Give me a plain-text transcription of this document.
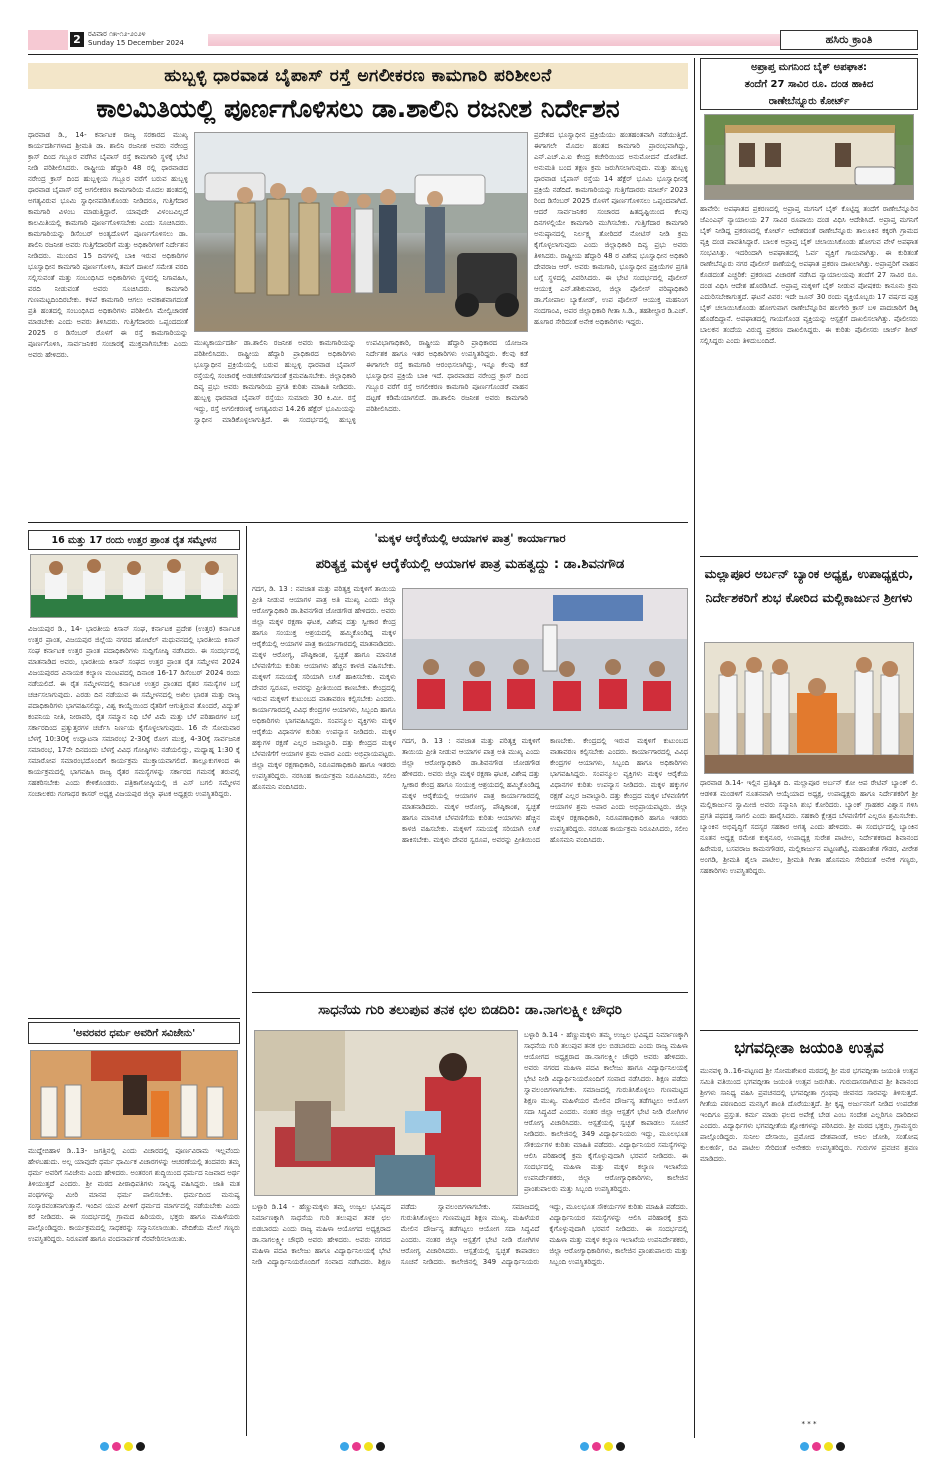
2	ರವಿವಾರ ೧೫-೧೨-೨೦೨೪
Sunday 15 December 2024	ಹಸಿರು ಕ್ರಾಂತಿ
ಹುಬ್ಬಳ್ಳಿ ಧಾರವಾಡ ಬೈಪಾಸ್ ರಸ್ತೆ ಅಗಲೀಕರಣ ಕಾಮಗಾರಿ ಪರಿಶೀಲನೆ
ಕಾಲಮಿತಿಯಲ್ಲಿ ಪೂರ್ಣಗೊಳಿಸಲು ಡಾ.ಶಾಲಿನಿ ರಜನೀಶ ನಿರ್ದೇಶನ
ಧಾರವಾಡ ಡಿ., 14- ಕರ್ನಾಟಕ ರಾಜ್ಯ ಸರಕಾರದ ಮುಖ್ಯ ಕಾರ್ಯದರ್ಶಿಗಳಾದ ಶ್ರೀಮತಿ ಡಾ. ಶಾಲಿನಿ ರಜನೀಶ ಅವರು ನರೇಂದ್ರ ಕ್ರಾಸ್ ದಿಂದ ಗಬ್ಬೂರ ವರೆಗಿನ ಬೈಪಾಸ್ ರಸ್ತೆ ಕಾಮಗಾರಿ ಸ್ಥಳಕ್ಕೆ ಭೇಟಿ ನೀಡಿ ಪರಿಶೀಲಿಸಿದರು. ರಾಷ್ಟ್ರೀಯ ಹೆದ್ದಾರಿ 48 ರಲ್ಲಿ ಧಾರವಾಡದ ನರೇಂದ್ರ ಕ್ರಾಸ್ ದಿಂದ ಹುಬ್ಬಳ್ಳಿಯ ಗಬ್ಬೂರ ವರೆಗೆ ಬರುವ ಹುಬ್ಬಳ್ಳಿ ಧಾರವಾಡ ಬೈಪಾಸ್ ರಸ್ತೆ ಅಗಲೀಕರಣ ಕಾಮಗಾರಿಯ ಮೊದಲ ಹಂತದಲ್ಲಿ ಅಗತ್ಯವಿರುವ ಭೂಮಿ ಸ್ವಾಧೀನಪಡಿಸಿಕೊಂಡು ನೀಡಿದರೂ, ಗುತ್ತಿಗೆದಾರ ಕಾಮಗಾರಿ ವಿಳಂಬ ಮಾಡುತ್ತಿದ್ದಾರೆ. ಯಾವುದೇ ವಿಳಂಬವಿಲ್ಲದೆ ಕಾಲಮಿತಿಯಲ್ಲಿ ಕಾಮಗಾರಿ ಪೂರ್ಣಗೊಳಿಸಬೇಕು ಎಂದು ಸೂಚಿಸಿದರು. ಕಾಮಗಾರಿಯನ್ನು ಡಿಸೆಂಬರ್ ಅಂತ್ಯದೊಳಗೆ ಪೂರ್ಣಗೊಳಿಸಲು ಡಾ. ಶಾಲಿನಿ ರಜನೀಶ ಅವರು ಗುತ್ತಿಗೆದಾರರಿಗೆ ಮತ್ತು ಅಧಿಕಾರಿಗಳಿಗೆ ನಿರ್ದೇಶನ ನೀಡಿದರು. ಮುಂದಿನ 15 ದಿನಗಳಲ್ಲಿ ಬಾಕಿ ಇರುವ ಅಧಿಕಾರಿಗಳ ಭೂಸ್ವಾಧೀನ ಕಾಮಗಾರಿ ಪೂರ್ಣಗೊಳಿಸಿ, ತಮಗೆ ದಾಖಲೆ ಸಮೇತ ವರದಿ ಸಲ್ಲಿಸುವಂತೆ ಮತ್ತು ಸಂಬಂಧಿಸಿದ ಅಧಿಕಾರಿಗಳು ಸ್ಥಳದಲ್ಲಿ ನಿಗಾವಹಿಸಿ, ವರದಿ ನೀಡುವಂತೆ ಅವರು ಸೂಚಿಸಿದರು. ಕಾಮಗಾರಿ ಗುಣಮಟ್ಟದಿಂದಿರಬೇಕು. ಕಳಪೆ ಕಾಮಗಾರಿ ಆಗಲು ಅವಕಾಶವಾಗದಂತೆ ಪ್ರತಿ ಹಂತದಲ್ಲಿ ಸಂಬಂಧಿಸಿದ ಅಧಿಕಾರಿಗಳು ಪರಿಶೀಲಿಸಿ ಮೇಲ್ವಿಚಾರಣೆ ಮಾಡಬೇಕು ಎಂದು ಅವರು ತಿಳಿಸಿದರು. ಗುತ್ತಿಗೆದಾರರು ಒಪ್ಪಂದದಂತೆ 2025 ರ ಡಿಸೆಂಬರ್ ರೊಳಗೆ ಈ ರಸ್ತೆ ಕಾಮಗಾರಿಯನ್ನು ಪೂರ್ಣಗೊಳಿಸಿ, ಸಾರ್ವಜನಿಕರ ಸಂಚಾರಕ್ಕೆ ಮುಕ್ತವಾಗಿಸಬೇಕು ಎಂದು ಅವರು ಹೇಳಿದರು.
ಮುಖ್ಯಕಾರ್ಯದರ್ಶಿ ಡಾ.ಶಾಲಿನಿ ರಜನೀಶ ಅವರು ಕಾಮಗಾರಿಯನ್ನು ಪರಿಶೀಲಿಸಿದರು. ರಾಷ್ಟ್ರೀಯ ಹೆದ್ದಾರಿ ಪ್ರಾಧಿಕಾರದ ಅಧಿಕಾರಿಗಳು ಭೂಸ್ವಾಧೀನ ಪ್ರಕ್ರಿಯೆಯಲ್ಲಿ ಬರುವ ಹುಬ್ಬಳ್ಳಿ ಧಾರವಾಡ ಬೈಪಾಸ್ ರಸ್ತೆಯಲ್ಲಿ ಸಂಚಾರಕ್ಕೆ ಅಡಚಣೆಯಾಗದಂತೆ ಕ್ರಮವಹಿಸಬೇಕು. ಜಿಲ್ಲಾಧಿಕಾರಿ ದಿವ್ಯ ಪ್ರಭು ಅವರು ಕಾಮಗಾರಿಯ ಪ್ರಗತಿ ಕುರಿತು ಮಾಹಿತಿ ನೀಡಿದರು. ಹುಬ್ಬಳ್ಳಿ ಧಾರವಾಡ ಬೈಪಾಸ್ ರಸ್ತೆಯು ಸುಮಾರು 30 ಕಿ.ಮೀ. ರಸ್ತೆ ಇದ್ದು, ರಸ್ತೆ ಅಗಲೀಕರಣಕ್ಕೆ ಅಗತ್ಯವಿರುವ 14.26 ಹೆಕ್ಟೆರ್ ಭೂಮಿಯನ್ನು ಸ್ವಾಧೀನ ಮಾಡಿಕೊಳ್ಳಲಾಗುತ್ತಿದೆ. ಈ ಸಂದರ್ಭದಲ್ಲಿ ಹುಬ್ಬಳ್ಳಿ ಉಪವಿಭಾಗಾಧಿಕಾರಿ, ರಾಷ್ಟ್ರೀಯ ಹೆದ್ದಾರಿ ಪ್ರಾಧಿಕಾರದ ಯೋಜನಾ ನಿರ್ದೇಶಕ ಹಾಗೂ ಇತರ ಅಧಿಕಾರಿಗಳು ಉಪಸ್ಥಿತರಿದ್ದರು. ಕೆಲವು ಕಡೆ ಈಗಾಗಲೇ ರಸ್ತೆ ಕಾಮಗಾರಿ ಆರಂಭಿಸಲಾಗಿದ್ದು, ಇನ್ನೂ ಕೆಲವು ಕಡೆ ಭೂಸ್ವಾಧೀನ ಪ್ರಕ್ರಿಯೆ ಬಾಕಿ ಇದೆ. ಧಾರವಾಡದ ನರೇಂದ್ರ ಕ್ರಾಸ್ ದಿಂದ ಗಬ್ಬೂರ ವರೆಗೆ ರಸ್ತೆ ಅಗಲೀಕರಣ ಕಾಮಗಾರಿ ಪೂರ್ಣಗೊಂಡರೆ ವಾಹನ ದಟ್ಟಣೆ ಕಡಿಮೆಯಾಗಲಿದೆ. ಡಾ.ಶಾಲಿನಿ ರಜನೀಶ ಅವರು ಕಾಮಗಾರಿ ಪರಿಶೀಲಿಸಿದರು.
ಪ್ರದೇಶದ ಭೂಸ್ವಾಧೀನ ಪ್ರಕ್ರಿಯೆಯು ಹಂತಹಂತವಾಗಿ ನಡೆಯುತ್ತಿದೆ. ಈಗಾಗಲೇ ಮೊದಲ ಹಂತದ ಕಾಮಗಾರಿ ಪ್ರಾರಂಭವಾಗಿದ್ದು, ಎನ್.ಎಚ್.ಎ.ಐ ಕೇಂದ್ರ ಕಚೇರಿಯಿಂದ ಅನುಮೋದನೆ ದೊರೆತಿದೆ. ಅನುಮತಿ ಬಂದ ತಕ್ಷಣ ಕ್ರಮ ಜರುಗಿಸಲಾಗುವುದು. ಮತ್ತು ಹುಬ್ಬಳ್ಳಿ ಧಾರವಾಡ ಬೈಪಾಸ್ ರಸ್ತೆಯ 14 ಹೆಕ್ಟೆರ್ ಭೂಮಿ ಭೂಸ್ವಾಧೀನಕ್ಕೆ ಪ್ರಕ್ರಿಯೆ ನಡೆದಿದೆ. ಕಾಮಗಾರಿಯನ್ನು ಗುತ್ತಿಗೆದಾರರು ಮಾರ್ಚ್ 2023 ರಿಂದ ಡಿಸೆಂಬರ್ 2025 ರೊಳಗೆ ಪೂರ್ಣಗೊಳಿಸಲು ಒಪ್ಪಂದವಾಗಿದೆ. ಆದರೆ ಸಾರ್ವಜನಿಕರ ಸಂಚಾರದ ಹಿತದೃಷ್ಟಿಯಿಂದ ಕೆಲವು ದಿನಗಳಲ್ಲಿಯೇ ಕಾಮಗಾರಿ ಮುಗಿಸಬೇಕು. ಗುತ್ತಿಗೆದಾರ ಕಾಮಗಾರಿ ಅನುಷ್ಠಾನದಲ್ಲಿ ನಿರ್ಲಕ್ಷ್ಯ ತೋರಿದರೆ ನೋಟಿಸ್ ನೀಡಿ ಕ್ರಮ ಕೈಗೊಳ್ಳಲಾಗುವುದು ಎಂದು ಜಿಲ್ಲಾಧಿಕಾರಿ ದಿವ್ಯ ಪ್ರಭು ಅವರು ತಿಳಿಸಿದರು. ರಾಷ್ಟ್ರೀಯ ಹೆದ್ದಾರಿ 48 ರ ವಿಶೇಷ ಭೂಸ್ವಾಧೀನ ಅಧಿಕಾರಿ ದೇವರಾಜ ಆರ್. ಅವರು ಕಾಮಗಾರಿ, ಭೂಸ್ವಾಧೀನ ಪ್ರಕ್ರಿಯೆಗಳ ಪ್ರಗತಿ ಬಗ್ಗೆ ಸ್ಥಳದಲ್ಲಿ ವಿವರಿಸಿದರು. ಈ ಭೇಟಿ ಸಂದರ್ಭದಲ್ಲಿ ಪೊಲೀಸ್ ಆಯುಕ್ತ ಎನ್.ಶಶಿಕುಮಾರ, ಜಿಲ್ಲಾ ಪೊಲೀಸ್ ವರಿಷ್ಠಾಧಿಕಾರಿ ಡಾ.ಗೋಪಾಲ ಬ್ಯಾಕೋಡ್, ಉಪ ಪೊಲೀಸ್ ಆಯುಕ್ತ ಮಹನಿಂಗ ನಂದಗಾಂವಿ, ಅಪರ ಜಿಲ್ಲಾಧಿಕಾರಿ ಗೀತಾ ಸಿ.ಡಿ., ತಹಶೀಲ್ದಾರ ಡಿ.ಎಚ್. ಹೂಗಾರ ಸೇರಿದಂತೆ ಅನೇಕ ಅಧಿಕಾರಿಗಳು ಇದ್ದರು.
ಅಪ್ರಾಪ್ತ ಮಗನಿಂದ ಬೈಕ್ ಅಪಘಾತ:
ತಂದೆಗೆ 27 ಸಾವಿರ ರೂ. ದಂಡ ಹಾಕಿದ
ರಾಣೇಬೆನ್ನೂರು ಕೋರ್ಟ್
ಹಾವೇರಿ: ಅಪಘಾತದ ಪ್ರಕರಣದಲ್ಲಿ ಅಪ್ರಾಪ್ತ ಮಗನಿಗೆ ಬೈಕ್ ಕೊಟ್ಟಿದ್ದ ತಂದೆಗೆ ರಾಣೇಬೆನ್ನೂರಿನ ಜೆಎಂಎಫ್ ನ್ಯಾಯಾಲಯ 27 ಸಾವಿರ ರೂಪಾಯಿ ದಂಡ ವಿಧಿಸಿ ಆದೇಶಿಸಿದೆ. ಅಪ್ರಾಪ್ತ ಮಗನಿಗೆ ಬೈಕ್ ನೀಡಿದ್ದ ಪ್ರಕರಣದಲ್ಲಿ ಕೋರ್ಟ್ ಆದೇಶದಂತೆ ರಾಣೇಬೆನ್ನೂರು ತಾಲೂಕಿನ ಕಕ್ಕರಗಿ ಗ್ರಾಮದ ವ್ಯಕ್ತಿ ದಂಡ ಪಾವತಿಸಿದ್ದಾರೆ. ಬಾಲಕ ಅಪ್ರಾಪ್ತ ಬೈಕ್ ಚಲಾಯಿಸಿಕೊಂಡು ಹೋಗುವ ವೇಳೆ ಅಪಘಾತ ಸಂಭವಿಸಿತ್ತು. ಇದರಿಂದಾಗಿ ಅಪಘಾತದಲ್ಲಿ ಓರ್ವ ವ್ಯಕ್ತಿಗೆ ಗಾಯವಾಗಿತ್ತು. ಈ ಕುರಿತಂತೆ ರಾಣೇಬೆನ್ನೂರು ನಗರ ಪೊಲೀಸ್ ಠಾಣೆಯಲ್ಲಿ ಅಪಘಾತ ಪ್ರಕರಣ ದಾಖಲಾಗಿತ್ತು. ಅಪ್ರಾಪ್ತರಿಗೆ ವಾಹನ ಕೊಡದಂತೆ ಎಚ್ಚರಿಕೆ: ಪ್ರಕರಣದ ವಿಚಾರಣೆ ನಡೆಸಿದ ನ್ಯಾಯಾಲಯವು ತಂದೆಗೆ 27 ಸಾವಿರ ರೂ. ದಂಡ ವಿಧಿಸಿ ಆದೇಶ ಹೊರಡಿಸಿದೆ. ಅಪ್ರಾಪ್ತ ಮಕ್ಕಳಿಗೆ ಬೈಕ್ ನೀಡುವ ಪೋಷಕರು ಕಾನೂನು ಕ್ರಮ ಎದುರಿಸಬೇಕಾಗುತ್ತದೆ. ಘಟನೆ ವಿವರ: ಇದೇ ಜೂನ್ 30 ರಂದು ವ್ಯಕ್ತಿಯೊಬ್ಬರು 17 ವರ್ಷದ ಪುತ್ರ ಬೈಕ್ ಚಲಾಯಿಸಿಕೊಂಡು ಹೋಗುವಾಗ ರಾಣೇಬೆನ್ನೂರಿನ ಹಲಗೇರಿ ಕ್ರಾಸ್ ಬಳಿ ಪಾದಚಾರಿಗೆ ಡಿಕ್ಕಿ ಹೊಡೆದಿದ್ದಾನೆ. ಅಪಘಾತದಲ್ಲಿ ಗಾಯಗೊಂಡ ವ್ಯಕ್ತಿಯನ್ನು ಆಸ್ಪತ್ರೆಗೆ ದಾಖಲಿಸಲಾಗಿತ್ತು. ಪೊಲೀಸರು ಬಾಲಕನ ತಂದೆಯ ವಿರುದ್ಧ ಪ್ರಕರಣ ದಾಖಲಿಸಿದ್ದರು. ಈ ಕುರಿತು ಪೊಲೀಸರು ಚಾರ್ಜ್ ಶೀಟ್ ಸಲ್ಲಿಸಿದ್ದರು ಎಂದು ತಿಳಿದುಬಂದಿದೆ.
ಮಲ್ಲಾಪೂರ ಅರ್ಬನ್ ಬ್ಯಾಂಕ ಅಧ್ಯಕ್ಷ, ಉಪಾಧ್ಯಕ್ಷರು, ನಿರ್ದೇಶಕರಿಗೆ ಶುಭ ಕೋರಿದ ಮಲ್ಲಿಕಾರ್ಜುನ ಶ್ರೀಗಳು
ಧಾರವಾಡ ಡಿ.14- ಇಲ್ಲಿನ ಪ್ರತಿಷ್ಠಿತ ದಿ. ಮಲ್ಲಾಪೂರ ಅರ್ಬನ್ ಕೋ ಆಪ ರೇಟಿವ್ ಬ್ಯಾಂಕ್ ಲಿ. ಆಡಳಿತ ಮಂಡಳಿಗೆ ನೂತನವಾಗಿ ಆಯ್ಕೆಯಾದ ಅಧ್ಯಕ್ಷ, ಉಪಾಧ್ಯಕ್ಷರು ಹಾಗೂ ನಿರ್ದೇಶಕರಿಗೆ ಶ್ರೀ ಮಲ್ಲಿಕಾರ್ಜುನ ಸ್ವಾಮೀಜಿ ಅವರು ಸನ್ಮಾನಿಸಿ ಶುಭ ಕೋರಿದರು. ಬ್ಯಾಂಕ್ ಗ್ರಾಹಕರ ವಿಶ್ವಾಸ ಗಳಿಸಿ ಪ್ರಗತಿ ಪಥದತ್ತ ಸಾಗಲಿ ಎಂದು ಹಾರೈಸಿದರು. ಸಹಕಾರಿ ಕ್ಷೇತ್ರದ ಬೆಳವಣಿಗೆಗೆ ಎಲ್ಲರೂ ಶ್ರಮಿಸಬೇಕು. ಬ್ಯಾಂಕಿನ ಅಭಿವೃದ್ಧಿಗೆ ಸದಸ್ಯರ ಸಹಕಾರ ಅಗತ್ಯ ಎಂದು ಹೇಳಿದರು. ಈ ಸಂದರ್ಭದಲ್ಲಿ ಬ್ಯಾಂಕಿನ ನೂತನ ಅಧ್ಯಕ್ಷ ರಮೇಶ ಕುಕ್ಕನೂರ, ಉಪಾಧ್ಯಕ್ಷ ಸುರೇಶ ಪಾಟೀಲ, ನಿರ್ದೇಶಕರಾದ ಶಿವಾನಂದ ಹಿರೇಮಠ, ಬಸವರಾಜ ಕಾಮನಗೌಡರ, ಮಲ್ಲಿಕಾರ್ಜುನ ಪಟ್ಟಣಶೆಟ್ಟಿ, ಮಹಾಂತೇಶ ಗೌಡರ, ವೀರೇಶ ಅಂಗಡಿ, ಶ್ರೀಮತಿ ಶೈಲಾ ಪಾಟೀಲ, ಶ್ರೀಮತಿ ಗೀತಾ ಹೊಸಮನಿ ಸೇರಿದಂತೆ ಅನೇಕ ಗಣ್ಯರು, ಸಹಕಾರಿಗಳು ಉಪಸ್ಥಿತರಿದ್ದರು.
ಭಗವದ್ಗೀತಾ ಜಯಂತಿ ಉತ್ಸವ
ಮುನವಳ್ಳಿ ಡಿ..16-ಪಟ್ಟಣದ ಶ್ರೀ ಸೋಮಶೇಖರ ಮಠದಲ್ಲಿ ಶ್ರೀ ಮಠ ಭಗವದ್ಗೀತಾ ಜಯಂತಿ ಉತ್ಸವ ಸಮಿತಿ ವತಿಯಿಂದ ಭಗವದ್ಗೀತಾ ಜಯಂತಿ ಉತ್ಸವ ಜರುಗಿತು. ಗುರುದಾಸರಾಗಿರುವ ಶ್ರೀ ಶಿವಾನಂದ ಶ್ರೀಗಳು ಸಾನಿಧ್ಯ ವಹಿಸಿ ಪ್ರವಚನದಲ್ಲಿ ಭಗವದ್ಗೀತಾ ಗ್ರಂಥವು ಜೀವನದ ಸಾರವನ್ನು ತಿಳಿಸುತ್ತದೆ. ಗೀತೆಯ ಪಠಣದಿಂದ ಮನಸ್ಸಿಗೆ ಶಾಂತಿ ದೊರೆಯುತ್ತದೆ. ಶ್ರೀ ಕೃಷ್ಣ ಅರ್ಜುನನಿಗೆ ನೀಡಿದ ಉಪದೇಶ ಇಂದಿಗೂ ಪ್ರಸ್ತುತ. ಕರ್ಮ ಮಾಡು ಫಲದ ಅಪೇಕ್ಷೆ ಬೇಡ ಎಂಬ ಸಂದೇಶ ಎಲ್ಲರಿಗೂ ದಾರಿದೀಪ ಎಂದರು. ವಿದ್ಯಾರ್ಥಿಗಳು ಭಗವದ್ಗೀತೆಯ ಶ್ಲೋಕಗಳನ್ನು ಪಠಿಸಿದರು. ಶ್ರೀ ಮಠದ ಭಕ್ತರು, ಗ್ರಾಮಸ್ಥರು ಪಾಲ್ಗೊಂಡಿದ್ದರು. ಸುನೀಲ ದೇಸಾಯಿ, ಪ್ರಮೋದ ದೇಶಪಾಂಡೆ, ಅನಿಲ ಜೋಶಿ, ಸಂತೋಷ ಕುಲಕರ್ಣಿ, ರವಿ ಪಾಟೀಲ ಸೇರಿದಂತೆ ಅನೇಕರು ಉಪಸ್ಥಿತರಿದ್ದರು. ಗುರುಗಳ ಪ್ರವಚನ ಶ್ರವಣ ಮಾಡಿದರು.
* * *
16 ಮತ್ತು 17 ರಂದು ಉತ್ತರ ಪ್ರಾಂತ ರೈತ ಸಮ್ಮೇಳನ
ವಿಜಯಪುರ ಡಿ., 14- ಭಾರತೀಯ ಕಿಸಾನ್ ಸಂಘ, ಕರ್ನಾಟಕ ಪ್ರದೇಶ (ಉತ್ತರ) ಕರ್ನಾಟಕ ಉತ್ತರ ಪ್ರಾಂತ, ವಿಜಯಪುರ ಜಿಲ್ಲೆಯ ನಗರದ ಹೋಟೆಲ್ ಮಧುವನದಲ್ಲಿ ಭಾರತೀಯ ಕಿಸಾನ್ ಸಂಘ ಕರ್ನಾಟಕ ಉತ್ತರ ಪ್ರಾಂತ ಪದಾಧಿಕಾರಿಗಳು ಸುದ್ದಿಗೋಷ್ಠಿ ನಡೆಸಿದರು. ಈ ಸಂದರ್ಭದಲ್ಲಿ ಮಾತನಾಡಿದ ಅವರು, ಭಾರತೀಯ ಕಿಸಾನ್ ಸಂಘದ ಉತ್ತರ ಪ್ರಾಂತ ರೈತ ಸಮ್ಮೇಳನ 2024 ವಿಜಯಪುರದ ವಿನಾಯಕ ಕಲ್ಯಾಣ ಮಂಟಪದಲ್ಲಿ ದಿನಾಂಕ 16-17 ಡಿಸೆಂಬರ್ 2024 ರಂದು ನಡೆಯಲಿದೆ. ಈ ರೈತ ಸಮ್ಮೇಳನದಲ್ಲಿ ಕರ್ನಾಟಕ ಉತ್ತರ ಪ್ರಾಂತದ ರೈತರ ಸಮಸ್ಯೆಗಳ ಬಗ್ಗೆ ಚರ್ಚಿಸಲಾಗುವುದು. ಎರಡು ದಿನ ನಡೆಯುವ ಈ ಸಮ್ಮೇಳನದಲ್ಲಿ ಅಖಿಲ ಭಾರತ ಮತ್ತು ರಾಜ್ಯ ಪದಾಧಿಕಾರಿಗಳು ಭಾಗವಹಿಸಲಿದ್ದು, ವಿಶ್ವ ಕಾಯ್ದೆಯಿಂದ ರೈತರಿಗೆ ಆಗುತ್ತಿರುವ ತೊಂದರೆ, ವಿದ್ಯುತ್ ಕಂಪನಿಯ ನೀತಿ, ನೀರಾವರಿ, ರೈತ ಸಮ್ಮಾನ ನಿಧಿ ಬೆಳೆ ವಿಮೆ ಮತ್ತು ಬೆಳೆ ಪರಿಹಾರಗಳ ಬಗ್ಗೆ ಸರ್ಕಾರದಿಂದ ಪ್ರತ್ಯುತ್ತರಗಳ ಚರ್ಚೆಸಿ ನಿರ್ಣಯ ಕೈಗೊಳ್ಳಲಾಗುವುದು. 16 ನೇ ಸೋಮವಾರ ಬೆಳಗ್ಗೆ 10:30ಕ್ಕೆ ಉದ್ಘಾಟನಾ ಸಮಾರಂಭ 2-30ಕ್ಕೆ ರೋಗ ಮುಕ್ತ, 4-30ಕ್ಕೆ ಸಾರ್ವಜನಿಕ ಸಮಾರಂಭ, 17ನೇ ದಿನದಂದು ಬೆಳಗ್ಗೆ ವಿವಿಧ ಗೋಷ್ಠಿಗಳು ನಡೆಯಲಿದ್ದು, ಮಧ್ಯಾಹ್ನ 1:30 ಕ್ಕೆ ಸಮಾರೋಪ ಸಮಾರಂಭದೊಂದಿಗೆ ಕಾರ್ಯಕ್ರಮ ಮುಕ್ತಾಯವಾಗಲಿದೆ. ತಾಲ್ಲೂಕುಗಳಿಂದ ಈ ಕಾರ್ಯಕ್ರಮದಲ್ಲಿ ಭಾಗವಹಿಸಿ ರಾಜ್ಯ ರೈತರ ಸಮಸ್ಯೆಗಳನ್ನು ಸರ್ಕಾರದ ಗಮನಕ್ಕೆ ತರುವಲ್ಲಿ ಸಹಕರಿಸಬೇಕು ಎಂದು ಕೇಳಿಕೊಂಡರು. ಪತ್ರಿಕಾಗೋಷ್ಠಿಯಲ್ಲಿ ಜಿ ಎಸ್ ಬಗಲಿ ಸಮ್ಮೇಳನ ಸಂಚಾಲಕರು ಗಂಗಾಧರ ಕಾಸರ್ ಅಧ್ಯಕ್ಷ ವಿಜಯಪುರ ಜಿಲ್ಲಾ ಘಟಕ ಅಧ್ಯಕ್ಷರು ಉಪಸ್ಥಿತರಿದ್ದರು.
'ಅವರವರ ಧರ್ಮ ಅವರಿಗೆ ಸವಿಜೇನು'
ಮುದ್ದೇಬಿಹಾಳ ಡಿ..13- ಜಗತ್ತಿನಲ್ಲಿ ಎಂದು ವಿಚಾರದಲ್ಲಿ ಪೂರ್ಣವಿರಾಮ ಇಲ್ಲವೆಂದು ಹೇಳಬಹುದು. ಅಲ್ಲ ಯಾವುದೇ ಧರ್ಮ ಧಾರ್ಮಿಕ ವಿಚಾರಗಳನ್ನು ಆಚರಣೆಯಲ್ಲಿ ತಂದವರು ತಮ್ಮ ಧರ್ಮ ಅವರಿಗೆ ಸವಿಜೇನು ಎಂದು ಹೇಳಿದರು. ಅಂತರಂಗ ಶುದ್ಧಿಯಿಂದ ಧರ್ಮದ ನಿಜವಾದ ಅರ್ಥ ತಿಳಿಯುತ್ತದೆ ಎಂದರು. ಶ್ರೀ ಮಠದ ಪೀಠಾಧಿಪತಿಗಳು ಸಾನ್ನಿಧ್ಯ ವಹಿಸಿದ್ದರು. ಜಾತಿ ಮತ ಪಂಥಗಳನ್ನು ಮೀರಿ ಮಾನವ ಧರ್ಮ ಪಾಲಿಸಬೇಕು. ಧರ್ಮದಿಂದ ಮನುಷ್ಯ ಸಂಸ್ಕಾರವಂತನಾಗುತ್ತಾನೆ. ಇಂದಿನ ಯುವ ಪೀಳಿಗೆ ಧರ್ಮದ ಮಾರ್ಗದಲ್ಲಿ ನಡೆಯಬೇಕು ಎಂದು ಕರೆ ನೀಡಿದರು. ಈ ಸಂದರ್ಭದಲ್ಲಿ ಗ್ರಾಮದ ಹಿರಿಯರು, ಭಕ್ತರು ಹಾಗೂ ಮಹಿಳೆಯರು ಪಾಲ್ಗೊಂಡಿದ್ದರು. ಕಾರ್ಯಕ್ರಮದಲ್ಲಿ ಸಾಧಕರನ್ನು ಸನ್ಮಾನಿಸಲಾಯಿತು. ವೇದಿಕೆಯ ಮೇಲೆ ಗಣ್ಯರು ಉಪಸ್ಥಿತರಿದ್ದರು. ನಿರೂಪಣೆ ಹಾಗೂ ವಂದನಾರ್ಪಣೆ ನೆರವೇರಿಸಲಾಯಿತು.
'ಮಕ್ಕಳ ಆರೈಕೆಯಲ್ಲಿ ಆಯಾಗಳ ಪಾತ್ರ' ಕಾರ್ಯಾಗಾರ
ಪರಿತ್ಯಕ್ತ ಮಕ್ಕಳ ಆರೈಕೆಯಲ್ಲಿ ಆಯಾಗಳ ಪಾತ್ರ ಮಹತ್ವದ್ದು : ಡಾ.ಶಿವನಗೌಡ
ಗದಗ, ಡಿ. 13 : ನವಜಾತ ಮತ್ತು ಪರಿತ್ಯಕ್ತ ಮಕ್ಕಳಿಗೆ ತಾಯಿಯ ಪ್ರೀತಿ ನೀಡುವ ಆಯಾಗಳ ಪಾತ್ರ ಅತಿ ಮುಖ್ಯ ಎಂದು ಜಿಲ್ಲಾ ಆರೋಗ್ಯಾಧಿಕಾರಿ ಡಾ.ಶಿವನಗೌಡ ಜೋಡಗೌಡ ಹೇಳಿದರು. ಅವರು ಜಿಲ್ಲಾ ಮಕ್ಕಳ ರಕ್ಷಣಾ ಘಟಕ, ವಿಶೇಷ ದತ್ತು ಸ್ವೀಕಾರ ಕೇಂದ್ರ ಹಾಗೂ ಸಂಯುಕ್ತ ಆಶ್ರಯದಲ್ಲಿ ಹಮ್ಮಿಕೊಂಡಿದ್ದ ಮಕ್ಕಳ ಆರೈಕೆಯಲ್ಲಿ ಆಯಾಗಳ ಪಾತ್ರ ಕಾರ್ಯಾಗಾರದಲ್ಲಿ ಮಾತನಾಡಿದರು. ಮಕ್ಕಳ ಆರೋಗ್ಯ, ಪೌಷ್ಠಿಕಾಂಶ, ಸ್ವಚ್ಛತೆ ಹಾಗೂ ಮಾನಸಿಕ ಬೆಳವಣಿಗೆಯ ಕುರಿತು ಆಯಾಗಳು ಹೆಚ್ಚಿನ ಕಾಳಜಿ ವಹಿಸಬೇಕು. ಮಕ್ಕಳಿಗೆ ಸಮಯಕ್ಕೆ ಸರಿಯಾಗಿ ಲಸಿಕೆ ಹಾಕಿಸಬೇಕು. ಮಕ್ಕಳು ದೇವರ ಸ್ವರೂಪ, ಅವರನ್ನು ಪ್ರೀತಿಯಿಂದ ಕಾಣಬೇಕು. ಕೇಂದ್ರದಲ್ಲಿ ಇರುವ ಮಕ್ಕಳಿಗೆ ಕುಟುಂಬದ ವಾತಾವರಣ ಕಲ್ಪಿಸಬೇಕು ಎಂದರು. ಕಾರ್ಯಾಗಾರದಲ್ಲಿ ವಿವಿಧ ಕೇಂದ್ರಗಳ ಆಯಾಗಳು, ಸಿಬ್ಬಂದಿ ಹಾಗೂ ಅಧಿಕಾರಿಗಳು ಭಾಗವಹಿಸಿದ್ದರು. ಸಂಪನ್ಮೂಲ ವ್ಯಕ್ತಿಗಳು ಮಕ್ಕಳ ಆರೈಕೆಯ ವಿಧಾನಗಳ ಕುರಿತು ಉಪನ್ಯಾಸ ನೀಡಿದರು. ಮಕ್ಕಳ ಹಕ್ಕುಗಳ ರಕ್ಷಣೆ ಎಲ್ಲರ ಜವಾಬ್ದಾರಿ. ದತ್ತು ಕೇಂದ್ರದ ಮಕ್ಕಳ ಬೆಳವಣಿಗೆಗೆ ಆಯಾಗಳ ಶ್ರಮ ಅಪಾರ ಎಂದು ಅಭಿಪ್ರಾಯಪಟ್ಟರು. ಜಿಲ್ಲಾ ಮಕ್ಕಳ ರಕ್ಷಣಾಧಿಕಾರಿ, ನಿರೂಪಣಾಧಿಕಾರಿ ಹಾಗೂ ಇತರರು ಉಪಸ್ಥಿತರಿದ್ದರು. ನರಸಿಂಹ ಕಾರ್ಯಕ್ರಮ ನಿರೂಪಿಸಿದರು, ಸಲೀಂ ಹೊಸಮನಿ ವಂದಿಸಿದರು.
ಗದಗ, ಡಿ. 13 : ನವಜಾತ ಮತ್ತು ಪರಿತ್ಯಕ್ತ ಮಕ್ಕಳಿಗೆ ತಾಯಿಯ ಪ್ರೀತಿ ನೀಡುವ ಆಯಾಗಳ ಪಾತ್ರ ಅತಿ ಮುಖ್ಯ ಎಂದು ಜಿಲ್ಲಾ ಆರೋಗ್ಯಾಧಿಕಾರಿ ಡಾ.ಶಿವನಗೌಡ ಜೋಡಗೌಡ ಹೇಳಿದರು. ಅವರು ಜಿಲ್ಲಾ ಮಕ್ಕಳ ರಕ್ಷಣಾ ಘಟಕ, ವಿಶೇಷ ದತ್ತು ಸ್ವೀಕಾರ ಕೇಂದ್ರ ಹಾಗೂ ಸಂಯುಕ್ತ ಆಶ್ರಯದಲ್ಲಿ ಹಮ್ಮಿಕೊಂಡಿದ್ದ ಮಕ್ಕಳ ಆರೈಕೆಯಲ್ಲಿ ಆಯಾಗಳ ಪಾತ್ರ ಕಾರ್ಯಾಗಾರದಲ್ಲಿ ಮಾತನಾಡಿದರು. ಮಕ್ಕಳ ಆರೋಗ್ಯ, ಪೌಷ್ಠಿಕಾಂಶ, ಸ್ವಚ್ಛತೆ ಹಾಗೂ ಮಾನಸಿಕ ಬೆಳವಣಿಗೆಯ ಕುರಿತು ಆಯಾಗಳು ಹೆಚ್ಚಿನ ಕಾಳಜಿ ವಹಿಸಬೇಕು. ಮಕ್ಕಳಿಗೆ ಸಮಯಕ್ಕೆ ಸರಿಯಾಗಿ ಲಸಿಕೆ ಹಾಕಿಸಬೇಕು. ಮಕ್ಕಳು ದೇವರ ಸ್ವರೂಪ, ಅವರನ್ನು ಪ್ರೀತಿಯಿಂದ ಕಾಣಬೇಕು. ಕೇಂದ್ರದಲ್ಲಿ ಇರುವ ಮಕ್ಕಳಿಗೆ ಕುಟುಂಬದ ವಾತಾವರಣ ಕಲ್ಪಿಸಬೇಕು ಎಂದರು. ಕಾರ್ಯಾಗಾರದಲ್ಲಿ ವಿವಿಧ ಕೇಂದ್ರಗಳ ಆಯಾಗಳು, ಸಿಬ್ಬಂದಿ ಹಾಗೂ ಅಧಿಕಾರಿಗಳು ಭಾಗವಹಿಸಿದ್ದರು. ಸಂಪನ್ಮೂಲ ವ್ಯಕ್ತಿಗಳು ಮಕ್ಕಳ ಆರೈಕೆಯ ವಿಧಾನಗಳ ಕುರಿತು ಉಪನ್ಯಾಸ ನೀಡಿದರು. ಮಕ್ಕಳ ಹಕ್ಕುಗಳ ರಕ್ಷಣೆ ಎಲ್ಲರ ಜವಾಬ್ದಾರಿ. ದತ್ತು ಕೇಂದ್ರದ ಮಕ್ಕಳ ಬೆಳವಣಿಗೆಗೆ ಆಯಾಗಳ ಶ್ರಮ ಅಪಾರ ಎಂದು ಅಭಿಪ್ರಾಯಪಟ್ಟರು. ಜಿಲ್ಲಾ ಮಕ್ಕಳ ರಕ್ಷಣಾಧಿಕಾರಿ, ನಿರೂಪಣಾಧಿಕಾರಿ ಹಾಗೂ ಇತರರು ಉಪಸ್ಥಿತರಿದ್ದರು. ನರಸಿಂಹ ಕಾರ್ಯಕ್ರಮ ನಿರೂಪಿಸಿದರು, ಸಲೀಂ ಹೊಸಮನಿ ವಂದಿಸಿದರು.
ಸಾಧನೆಯ ಗುರಿ ತಲುಪುವ ತನಕ ಛಲ ಬಿಡದಿರಿ: ಡಾ.ನಾಗಲಕ್ಷ್ಮೀ ಚೌಧರಿ
ಬಳ್ಳಾರಿ ಡಿ.14 - ಹೆಣ್ಣುಮಕ್ಕಳು ತಮ್ಮ ಉಜ್ವಲ ಭವಿಷ್ಯದ ನಿರ್ಮಾಣಕ್ಕಾಗಿ ಸಾಧನೆಯ ಗುರಿ ತಲುಪುವ ತನಕ ಛಲ ಬಿಡಬಾರದು ಎಂದು ರಾಜ್ಯ ಮಹಿಳಾ ಆಯೋಗದ ಅಧ್ಯಕ್ಷರಾದ ಡಾ.ನಾಗಲಕ್ಷ್ಮೀ ಚೌಧರಿ ಅವರು ಹೇಳಿದರು. ಅವರು ನಗರದ ಮಹಿಳಾ ಪದವಿ ಕಾಲೇಜು ಹಾಗೂ ವಿದ್ಯಾರ್ಥಿನಿಲಯಕ್ಕೆ ಭೇಟಿ ನೀಡಿ ವಿದ್ಯಾರ್ಥಿನಿಯರೊಂದಿಗೆ ಸಂವಾದ ನಡೆಸಿದರು. ಶಿಕ್ಷಣ ಪಡೆದು ಸ್ವಾವಲಂಬಿಗಳಾಗಬೇಕು. ಸಮಾಜದಲ್ಲಿ ಗುರುತಿಸಿಕೊಳ್ಳಲು ಗುಣಮಟ್ಟದ ಶಿಕ್ಷಣ ಮುಖ್ಯ. ಮಹಿಳೆಯರ ಮೇಲಿನ ದೌರ್ಜನ್ಯ ತಡೆಗಟ್ಟಲು ಆಯೋಗ ಸದಾ ಸಿದ್ಧವಿದೆ ಎಂದರು. ನಂತರ ಜಿಲ್ಲಾ ಆಸ್ಪತ್ರೆಗೆ ಭೇಟಿ ನೀಡಿ ರೋಗಿಗಳ ಆರೋಗ್ಯ ವಿಚಾರಿಸಿದರು. ಆಸ್ಪತ್ರೆಯಲ್ಲಿ ಸ್ವಚ್ಛತೆ ಕಾಪಾಡಲು ಸೂಚನೆ ನೀಡಿದರು. ಕಾಲೇಜಿನಲ್ಲಿ 349 ವಿದ್ಯಾರ್ಥಿನಿಯರು ಇದ್ದು, ಮೂಲಭೂತ ಸೌಕರ್ಯಗಳ ಕುರಿತು ಮಾಹಿತಿ ಪಡೆದರು. ವಿದ್ಯಾರ್ಥಿನಿಯರ ಸಮಸ್ಯೆಗಳನ್ನು ಆಲಿಸಿ ಪರಿಹಾರಕ್ಕೆ ಕ್ರಮ ಕೈಗೊಳ್ಳುವುದಾಗಿ ಭರವಸೆ ನೀಡಿದರು. ಈ ಸಂದರ್ಭದಲ್ಲಿ ಮಹಿಳಾ ಮತ್ತು ಮಕ್ಕಳ ಕಲ್ಯಾಣ ಇಲಾಖೆಯ ಉಪನಿರ್ದೇಶಕರು, ಜಿಲ್ಲಾ ಆರೋಗ್ಯಾಧಿಕಾರಿಗಳು, ಕಾಲೇಜಿನ ಪ್ರಾಂಶುಪಾಲರು ಮತ್ತು ಸಿಬ್ಬಂದಿ ಉಪಸ್ಥಿತರಿದ್ದರು.
ಬಳ್ಳಾರಿ ಡಿ.14 - ಹೆಣ್ಣುಮಕ್ಕಳು ತಮ್ಮ ಉಜ್ವಲ ಭವಿಷ್ಯದ ನಿರ್ಮಾಣಕ್ಕಾಗಿ ಸಾಧನೆಯ ಗುರಿ ತಲುಪುವ ತನಕ ಛಲ ಬಿಡಬಾರದು ಎಂದು ರಾಜ್ಯ ಮಹಿಳಾ ಆಯೋಗದ ಅಧ್ಯಕ್ಷರಾದ ಡಾ.ನಾಗಲಕ್ಷ್ಮೀ ಚೌಧರಿ ಅವರು ಹೇಳಿದರು. ಅವರು ನಗರದ ಮಹಿಳಾ ಪದವಿ ಕಾಲೇಜು ಹಾಗೂ ವಿದ್ಯಾರ್ಥಿನಿಲಯಕ್ಕೆ ಭೇಟಿ ನೀಡಿ ವಿದ್ಯಾರ್ಥಿನಿಯರೊಂದಿಗೆ ಸಂವಾದ ನಡೆಸಿದರು. ಶಿಕ್ಷಣ ಪಡೆದು ಸ್ವಾವಲಂಬಿಗಳಾಗಬೇಕು. ಸಮಾಜದಲ್ಲಿ ಗುರುತಿಸಿಕೊಳ್ಳಲು ಗುಣಮಟ್ಟದ ಶಿಕ್ಷಣ ಮುಖ್ಯ. ಮಹಿಳೆಯರ ಮೇಲಿನ ದೌರ್ಜನ್ಯ ತಡೆಗಟ್ಟಲು ಆಯೋಗ ಸದಾ ಸಿದ್ಧವಿದೆ ಎಂದರು. ನಂತರ ಜಿಲ್ಲಾ ಆಸ್ಪತ್ರೆಗೆ ಭೇಟಿ ನೀಡಿ ರೋಗಿಗಳ ಆರೋಗ್ಯ ವಿಚಾರಿಸಿದರು. ಆಸ್ಪತ್ರೆಯಲ್ಲಿ ಸ್ವಚ್ಛತೆ ಕಾಪಾಡಲು ಸೂಚನೆ ನೀಡಿದರು. ಕಾಲೇಜಿನಲ್ಲಿ 349 ವಿದ್ಯಾರ್ಥಿನಿಯರು ಇದ್ದು, ಮೂಲಭೂತ ಸೌಕರ್ಯಗಳ ಕುರಿತು ಮಾಹಿತಿ ಪಡೆದರು. ವಿದ್ಯಾರ್ಥಿನಿಯರ ಸಮಸ್ಯೆಗಳನ್ನು ಆಲಿಸಿ ಪರಿಹಾರಕ್ಕೆ ಕ್ರಮ ಕೈಗೊಳ್ಳುವುದಾಗಿ ಭರವಸೆ ನೀಡಿದರು. ಈ ಸಂದರ್ಭದಲ್ಲಿ ಮಹಿಳಾ ಮತ್ತು ಮಕ್ಕಳ ಕಲ್ಯಾಣ ಇಲಾಖೆಯ ಉಪನಿರ್ದೇಶಕರು, ಜಿಲ್ಲಾ ಆರೋಗ್ಯಾಧಿಕಾರಿಗಳು, ಕಾಲೇಜಿನ ಪ್ರಾಂಶುಪಾಲರು ಮತ್ತು ಸಿಬ್ಬಂದಿ ಉಪಸ್ಥಿತರಿದ್ದರು.
